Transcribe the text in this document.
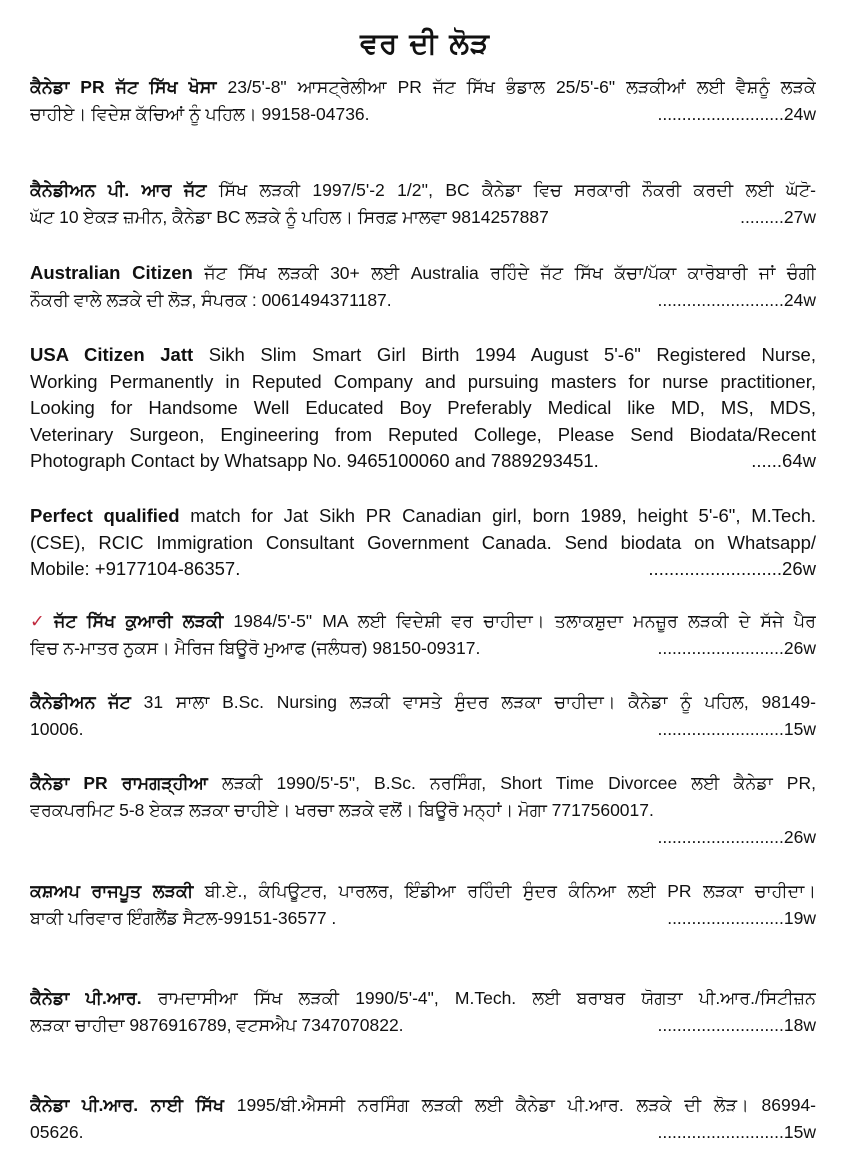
ਵਰ ਦੀ ਲੋੜ
ਕੈਨੇਡਾ PR ਜੱਟ ਸਿੱਖ ਖੋਸਾ 23/5'-8" ਆਸਟ੍ਰੇਲੀਆ PR ਜੱਟ ਸਿੱਖ ਭੰਡਾਲ 25/5'-6" ਲੜਕੀਆਂ ਲਈ ਵੈਸ਼ਨੂੰ ਲੜਕੇ
ਚਾਹੀਏ। ਵਿਦੇਸ਼ ਕੱਚਿਆਂ ਨੂੰ ਪਹਿਲ। 99158-04736.	..........................24w
ਕੈਨੇਡੀਅਨ ਪੀ. ਆਰ ਜੱਟ ਸਿੱਖ ਲੜਕੀ 1997/5'-2 1/2'', BC ਕੈਨੇਡਾ ਵਿਚ ਸਰਕਾਰੀ ਨੌਕਰੀ ਕਰਦੀ ਲਈ ਘੱਟੋ-
ਘੱਟ 10 ਏਕੜ ਜ਼ਮੀਨ, ਕੈਨੇਡਾ BC ਲੜਕੇ ਨੂੰ ਪਹਿਲ। ਸਿਰਫ਼ ਮਾਲਵਾ 9814257887	.........27w
Australian Citizen ਜੱਟ ਸਿੱਖ ਲੜਕੀ 30+ ਲਈ Australia ਰਹਿੰਦੇ ਜੱਟ ਸਿੱਖ ਕੱਚਾ/ਪੱਕਾ ਕਾਰੋਬਾਰੀ ਜਾਂ ਚੰਗੀ
ਨੌਕਰੀ ਵਾਲੇ ਲੜਕੇ ਦੀ ਲੋੜ, ਸੰਪਰਕ : 0061494371187.	..........................24w
USA Citizen Jatt Sikh Slim Smart Girl Birth 1994 August 5'-6" Registered Nurse,
Working Permanently in Reputed Company and pursuing masters for nurse practitioner,
Looking for Handsome Well Educated Boy Preferably Medical like MD, MS, MDS,
Veterinary Surgeon, Engineering from Reputed College, Please Send Biodata/Recent
Photograph Contact by Whatsapp No. 9465100060 and 7889293451.	......64w
Perfect qualified match for Jat Sikh PR Canadian girl, born 1989, height 5'-6", M.Tech.
(CSE), RCIC Immigration Consultant Government Canada. Send biodata on Whatsapp/
Mobile: +9177104-86357.	..........................26w
✓ ਜੱਟ ਸਿੱਖ ਕੁਆਰੀ ਲੜਕੀ 1984/5'-5" MA ਲਈ ਵਿਦੇਸ਼ੀ ਵਰ ਚਾਹੀਦਾ। ਤਲਾਕਸ਼ੁਦਾ ਮਨਜ਼ੂਰ ਲੜਕੀ ਦੇ ਸੱਜੇ ਪੈਰ
ਵਿਚ ਨ-ਮਾਤਰ ਨੁਕਸ। ਮੈਰਿਜ ਬਿਊਰੋ ਮੁਆਫ (ਜਲੰਧਰ) 98150-09317.	..........................26w
ਕੈਨੇਡੀਅਨ ਜੱਟ 31 ਸਾਲਾ B.Sc. Nursing ਲੜਕੀ ਵਾਸਤੇ ਸੁੰਦਰ ਲੜਕਾ ਚਾਹੀਦਾ। ਕੈਨੇਡਾ ਨੂੰ ਪਹਿਲ, 98149-
10006.	..........................15w
ਕੈਨੇਡਾ PR ਰਾਮਗੜ੍ਹੀਆ ਲੜਕੀ 1990/5'-5", B.Sc. ਨਰਸਿੰਗ, Short Time Divorcee ਲਈ ਕੈਨੇਡਾ PR,
ਵਰਕਪਰਮਿਟ 5-8 ਏਕੜ ਲੜਕਾ ਚਾਹੀਏ। ਖਰਚਾ ਲੜਕੇ ਵਲੋਂ। ਬਿਊਰੋ ਮਨ੍ਹਾਂ। ਮੋਗਾ 7717560017.
..........................26w
ਕਸ਼ਅਪ ਰਾਜਪੂਤ ਲੜਕੀ ਬੀ.ਏ., ਕੰਪਿਊਟਰ, ਪਾਰਲਰ, ਇੰਡੀਆ ਰਹਿੰਦੀ ਸੁੰਦਰ ਕੰਨਿਆ ਲਈ PR ਲੜਕਾ ਚਾਹੀਦਾ।
ਬਾਕੀ ਪਰਿਵਾਰ ਇੰਗਲੈਂਡ ਸੈਟਲ-99151-36577 .	........................19w
ਕੈਨੇਡਾ ਪੀ.ਆਰ. ਰਾਮਦਾਸੀਆ ਸਿੱਖ ਲੜਕੀ 1990/5'-4", M.Tech. ਲਈ ਬਰਾਬਰ ਯੋਗਤਾ ਪੀ.ਆਰ./ਸਿਟੀਜ਼ਨ
ਲੜਕਾ ਚਾਹੀਦਾ 9876916789, ਵਟਸਐਪ 7347070822.	..........................18w
ਕੈਨੇਡਾ ਪੀ.ਆਰ. ਨਾਈ ਸਿੱਖ 1995/ਬੀ.ਐਸਸੀ ਨਰਸਿੰਗ ਲੜਕੀ ਲਈ ਕੈਨੇਡਾ ਪੀ.ਆਰ. ਲੜਕੇ ਦੀ ਲੋੜ। 86994-
05626.	..........................15w
